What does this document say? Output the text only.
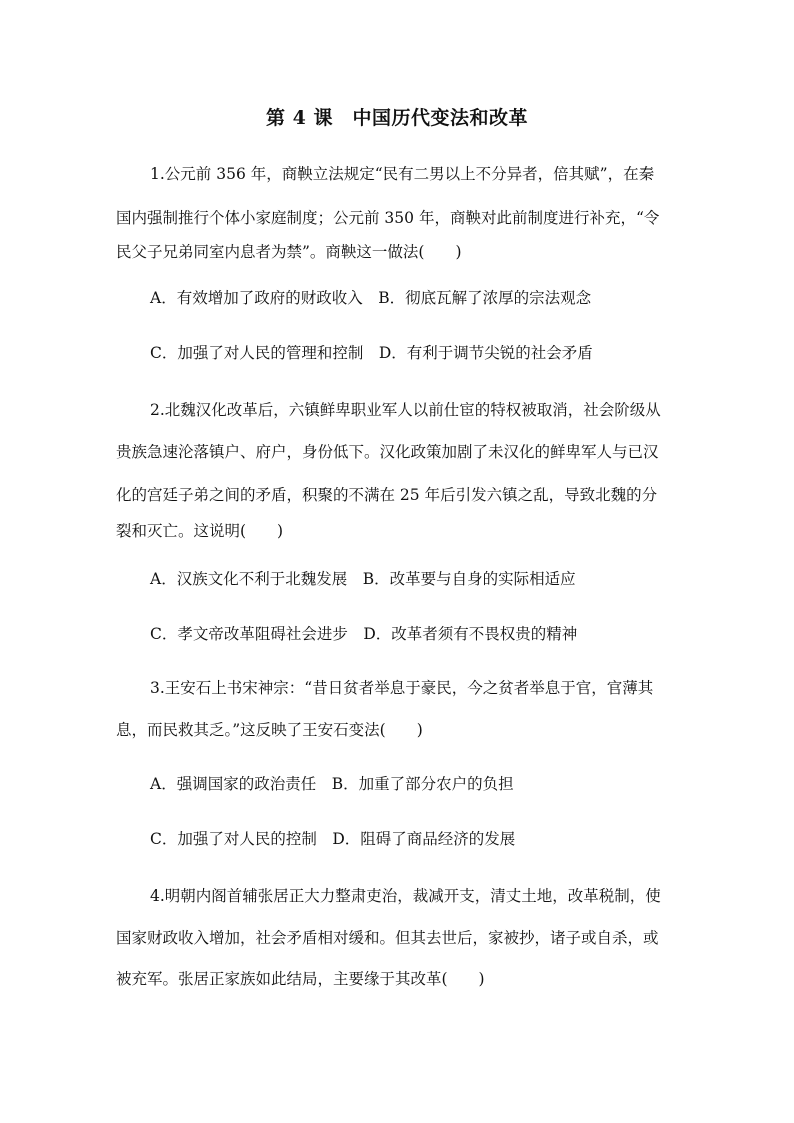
第 4 课　中国历代变法和改革
1.公元前 356 年，商鞅立法规定“民有二男以上不分异者，倍其赋”，在秦
国内强制推行个体小家庭制度；公元前 350 年，商鞅对此前制度进行补充，“令
民父子兄弟同室内息者为禁”。商鞅这一做法(　　)
A．有效增加了政府的财政收入　B．彻底瓦解了浓厚的宗法观念
C．加强了对人民的管理和控制　D．有利于调节尖锐的社会矛盾
2.北魏汉化改革后，六镇鲜卑职业军人以前仕宦的特权被取消，社会阶级从
贵族急速沦落镇户、府户，身份低下。汉化政策加剧了未汉化的鲜卑军人与已汉
化的宫廷子弟之间的矛盾，积聚的不满在 25 年后引发六镇之乱，导致北魏的分
裂和灭亡。这说明(　　)
A．汉族文化不利于北魏发展　B．改革要与自身的实际相适应
C．孝文帝改革阻碍社会进步　D．改革者须有不畏权贵的精神
3.王安石上书宋神宗：“昔日贫者举息于豪民，今之贫者举息于官，官薄其
息，而民救其乏。”这反映了王安石变法(　　)
A．强调国家的政治责任　B．加重了部分农户的负担
C．加强了对人民的控制　D．阻碍了商品经济的发展
4.明朝内阁首辅张居正大力整肃吏治，裁减开支，清丈土地，改革税制，使
国家财政收入增加，社会矛盾相对缓和。但其去世后，家被抄，诸子或自杀，或
被充军。张居正家族如此结局，主要缘于其改革(　　)
